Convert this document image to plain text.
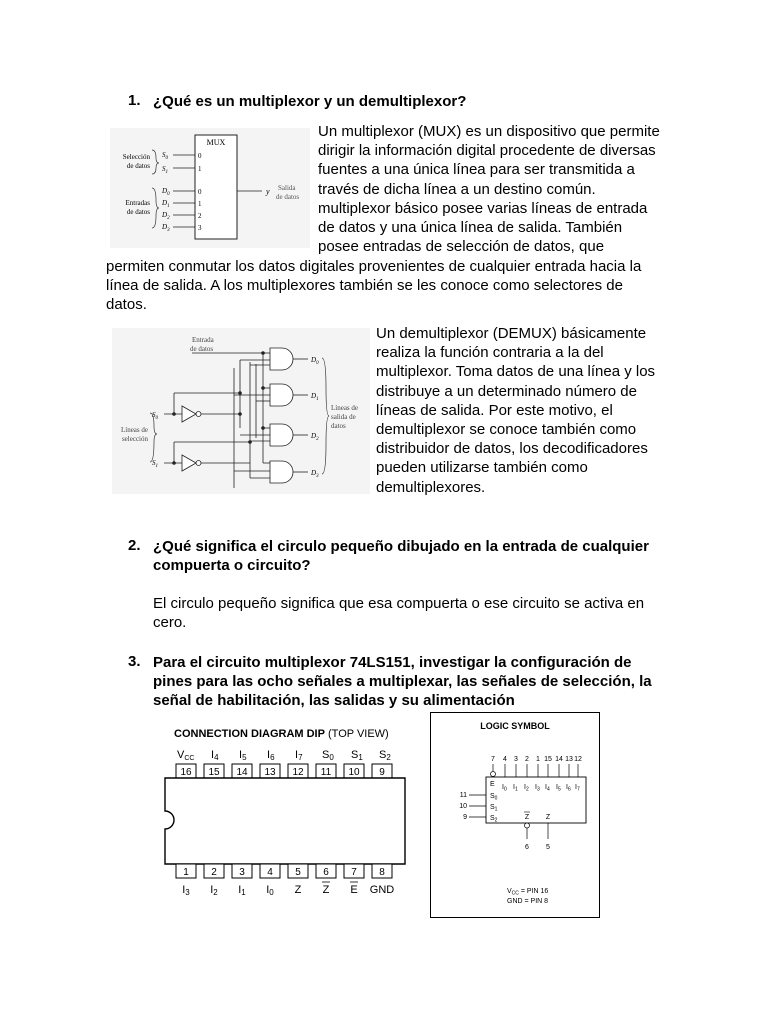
1. ¿Qué es un multiplexor y un demultiplexor?
MUX
Selección
de datos
$S_0$
$S_1$
0
1
Entradas
de datos
$D_0$
$D_1$
$D_2$
$D_3$
0
1
2
3
y Salida
de datos

Un multiplexor (MUX) es un dispositivo que permite

dirigir la información digital procedente de diversas

fuentes a una única línea para ser transmitida a

través de dicha línea a un destino común.

multiplexor básico posee varias líneas de entrada

de datos y una única línea de salida. También

posee entradas de selección de datos, que

permiten conmutar los datos digitales provenientes de cualquier entrada hacia la

línea de salida. A los multiplexores también se les conoce como selectores de

datos.

Entrada
de datos
Líneas de
selección
$S_0$
$S_1$
$D_0$
$D_1$
$D_2$
$D_3$
Líneas de
salida de
datos

Un demultiplexor (DEMUX) básicamente

realiza la función contraria a la del

multiplexor. Toma datos de una línea y los

distribuye a un determinado número de

líneas de salida. Por este motivo, el

demultiplexor se conoce también como

distribuidor de datos, los decodificadores

pueden utilizarse también como

demultiplexores.

2. ¿Qué significa el circulo pequeño dibujado en la entrada de cualquier
compuerta o circuito?

El circulo pequeño significa que esa compuerta o ese circuito se activa en

cero.

3. Para el circuito multiplexor 74LS151, investigar la configuración de
pines para las ocho señales a multiplexar, las señales de selección, la
señal de habilitación, las salidas y su alimentación
CONNECTION DIAGRAM DIP (TOP VIEW)
VCC I4 I5 I6 I7 S0 S1 S2
16 15 14 13 12 11 10 9
1 2 3 4 5 6 7 8
I3 I2 I1 I0 Z Z E GND
LOGIC SYMBOL
7 4 3 2 1 15 14 13 12
E $I_0$ $I_1$ $I_2$ $I_3$ $I_4$ $I_5$ $I_6$ $I_7$
11
10
9
$S_0$
$S_1$
$S_2$	Z Z
6 5
$V_{CC}$ = PIN 16
GND = PIN 8
